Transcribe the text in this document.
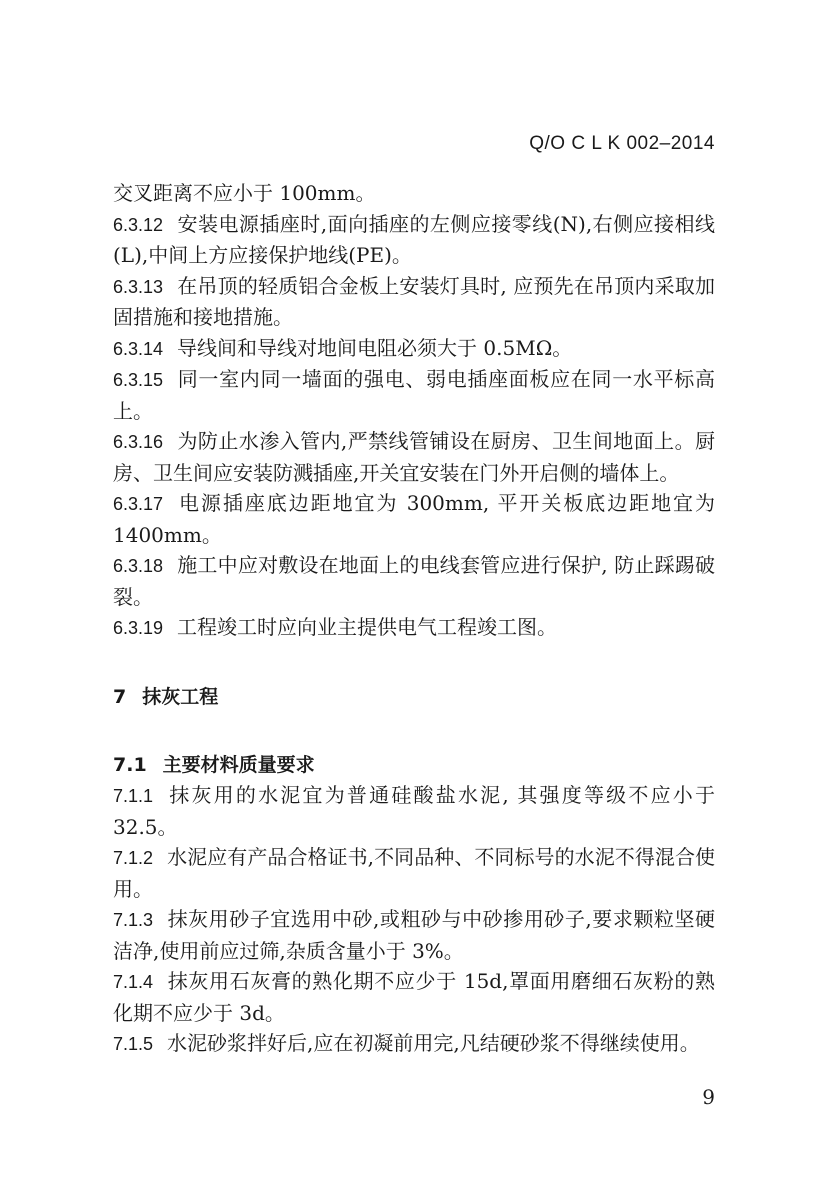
Q/O C L K 002–2014

交叉距离不应小于 100mm。

6.3.12 安装电源插座时,面向插座的左侧应接零线(N),右侧应接相线(L),中间上方应接保护地线(PE)。

6.3.13 在吊顶的轻质铝合金板上安装灯具时, 应预先在吊顶内采取加固措施和接地措施。

6.3.14 导线间和导线对地间电阻必须大于 0.5MΩ。

6.3.15 同一室内同一墙面的强电、弱电插座面板应在同一水平标高上。

6.3.16 为防止水渗入管内,严禁线管铺设在厨房、卫生间地面上。厨房、卫生间应安装防溅插座,开关宜安装在门外开启侧的墙体上。

6.3.17 电源插座底边距地宜为 300mm, 平开关板底边距地宜为 1400mm。

6.3.18 施工中应对敷设在地面上的电线套管应进行保护, 防止踩踢破裂。

6.3.19 工程竣工时应向业主提供电气工程竣工图。

7 抹灰工程
7.1 主要材料质量要求

7.1.1 抹灰用的水泥宜为普通硅酸盐水泥, 其强度等级不应小于 32.5。

7.1.2 水泥应有产品合格证书,不同品种、不同标号的水泥不得混合使用。

7.1.3 抹灰用砂子宜选用中砂,或粗砂与中砂掺用砂子,要求颗粒坚硬洁净,使用前应过筛,杂质含量小于 3%。

7.1.4 抹灰用石灰膏的熟化期不应少于 15d,罩面用磨细石灰粉的熟化期不应少于 3d。

7.1.5 水泥砂浆拌好后,应在初凝前用完,凡结硬砂浆不得继续使用。

9
